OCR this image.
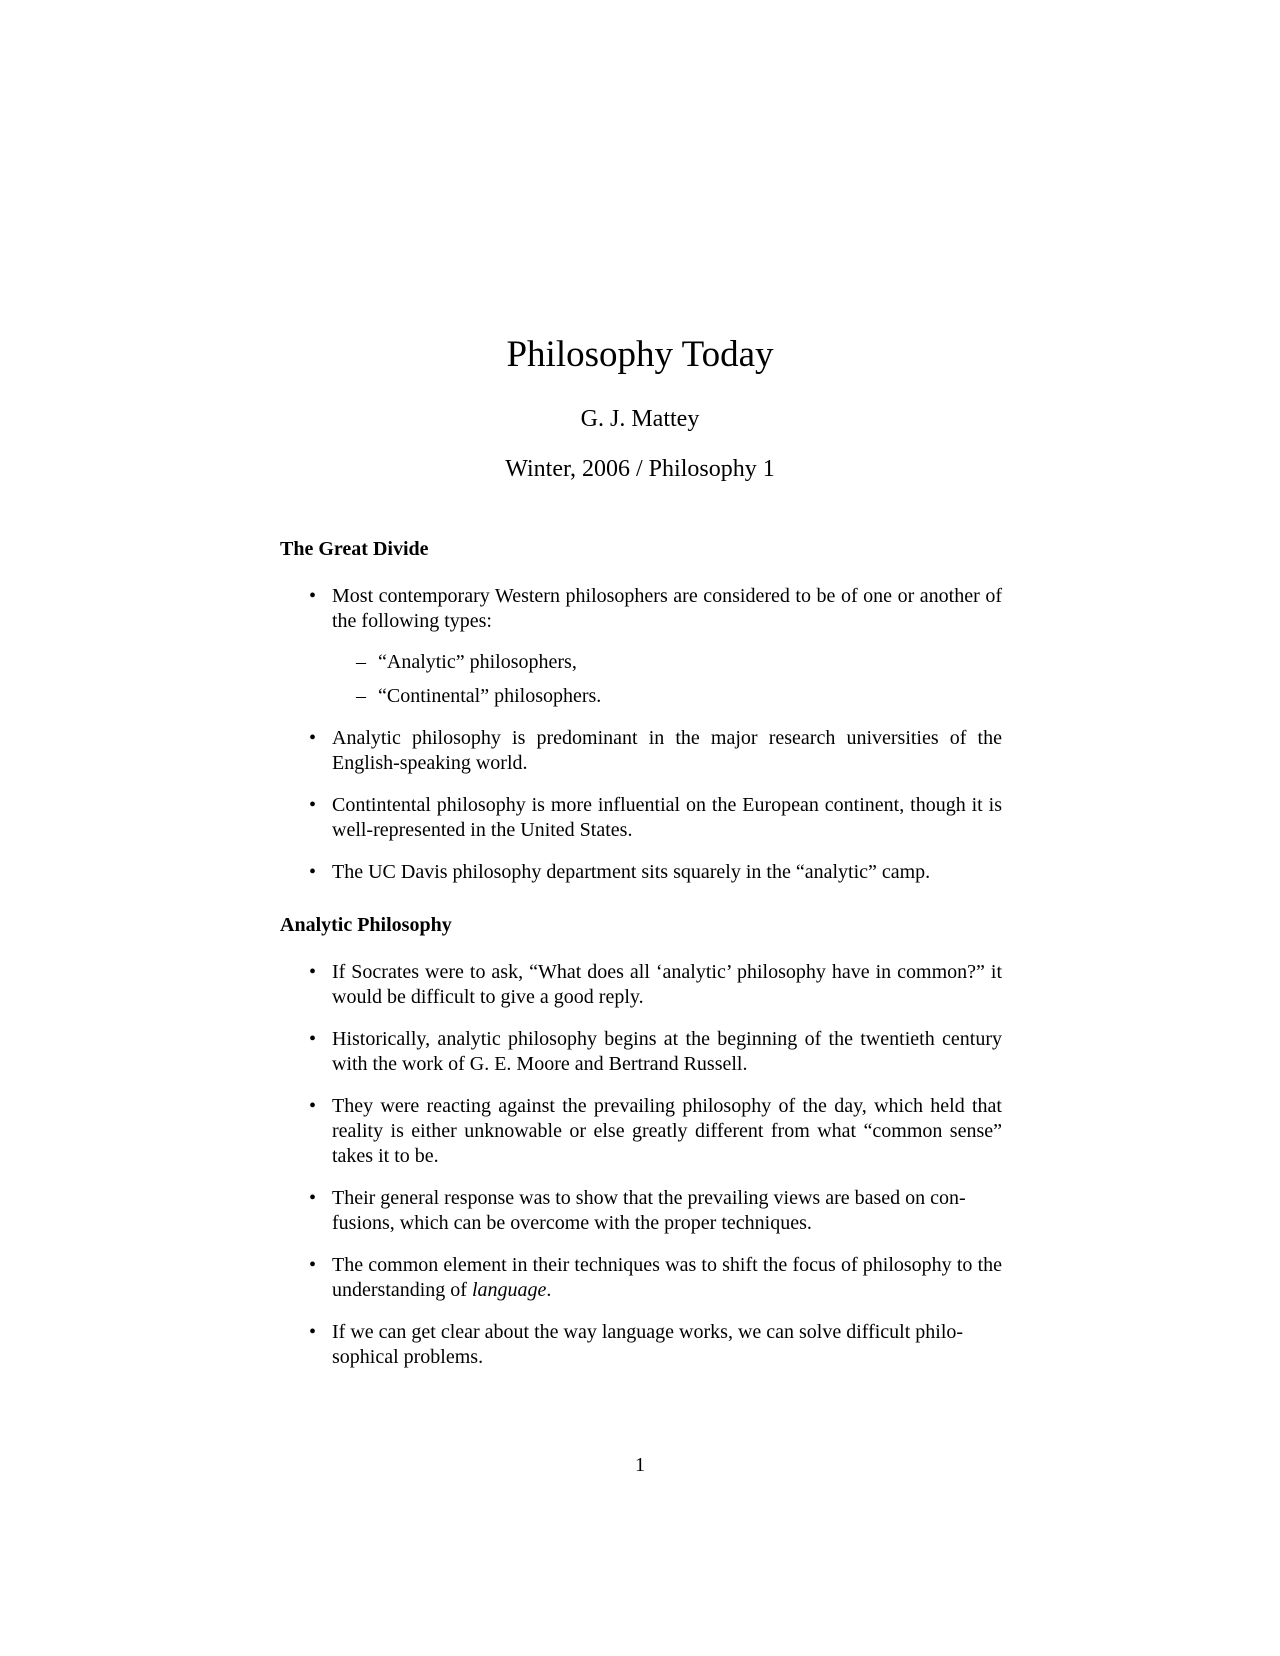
Philosophy Today
G. J. Mattey
Winter, 2006 / Philosophy 1
The Great Divide
• Most contemporary Western philosophers are considered to be of one or another of the following types:
– “Analytic” philosophers,
– “Continental” philosophers.
• Analytic philosophy is predominant in the major research universities of the English-speaking world.
• Contintental philosophy is more influential on the European continent, though it is well-represented in the United States.
• The UC Davis philosophy department sits squarely in the “analytic” camp.
Analytic Philosophy
• If Socrates were to ask, “What does all ‘analytic’ philosophy have in common?” it would be difficult to give a good reply.
• Historically, analytic philosophy begins at the beginning of the twentieth century with the work of G. E. Moore and Bertrand Russell.
• They were reacting against the prevailing philosophy of the day, which held that reality is either unknowable or else greatly different from what “common sense” takes it to be.
• Their general response was to show that the prevailing views are based on con-
fusions, which can be overcome with the proper techniques.
• The common element in their techniques was to shift the focus of philosophy to the understanding of language.
• If we can get clear about the way language works, we can solve difficult philo-
sophical problems.
1
